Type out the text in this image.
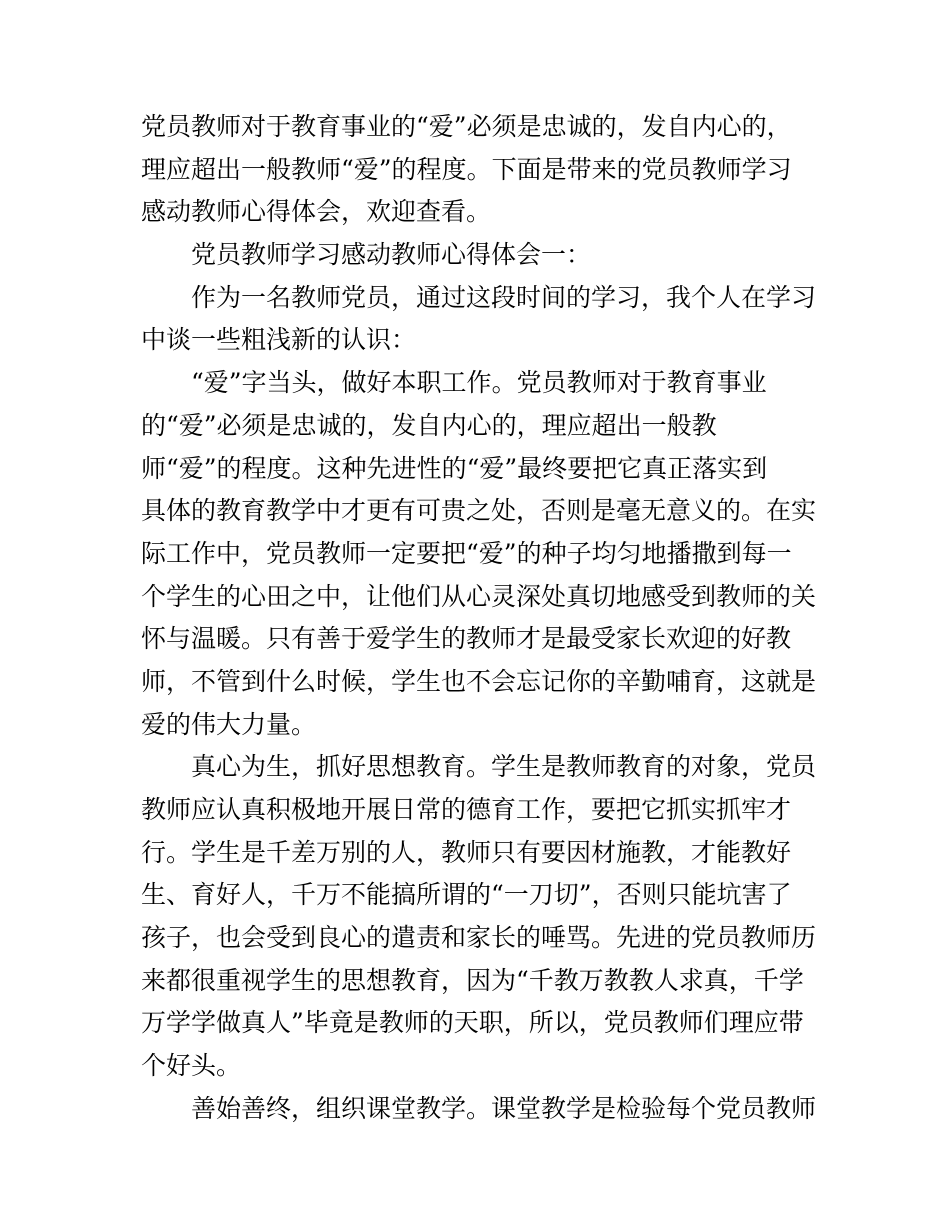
党员教师对于教育事业的“爱”必须是忠诚的，发自内心的，
理应超出一般教师“爱”的程度。下面是带来的党员教师学习
感动教师心得体会，欢迎查看。
党员教师学习感动教师心得体会一：
作为一名教师党员，通过这段时间的学习，我个人在学习
中谈一些粗浅新的认识：
“爱”字当头，做好本职工作。党员教师对于教育事业
的“爱”必须是忠诚的，发自内心的，理应超出一般教
师“爱”的程度。这种先进性的“爱”最终要把它真正落实到
具体的教育教学中才更有可贵之处，否则是毫无意义的。在实
际工作中，党员教师一定要把“爱”的种子均匀地播撒到每一
个学生的心田之中，让他们从心灵深处真切地感受到教师的关
怀与温暖。只有善于爱学生的教师才是最受家长欢迎的好教
师，不管到什么时候，学生也不会忘记你的辛勤哺育，这就是
爱的伟大力量。
真心为生，抓好思想教育。学生是教师教育的对象，党员
教师应认真积极地开展日常的德育工作，要把它抓实抓牢才
行。学生是千差万别的人，教师只有要因材施教，才能教好
生、育好人，千万不能搞所谓的“一刀切”，否则只能坑害了
孩子，也会受到良心的遣责和家长的唾骂。先进的党员教师历
来都很重视学生的思想教育，因为“千教万教教人求真，千学
万学学做真人”毕竟是教师的天职，所以，党员教师们理应带
个好头。
善始善终，组织课堂教学。课堂教学是检验每个党员教师
